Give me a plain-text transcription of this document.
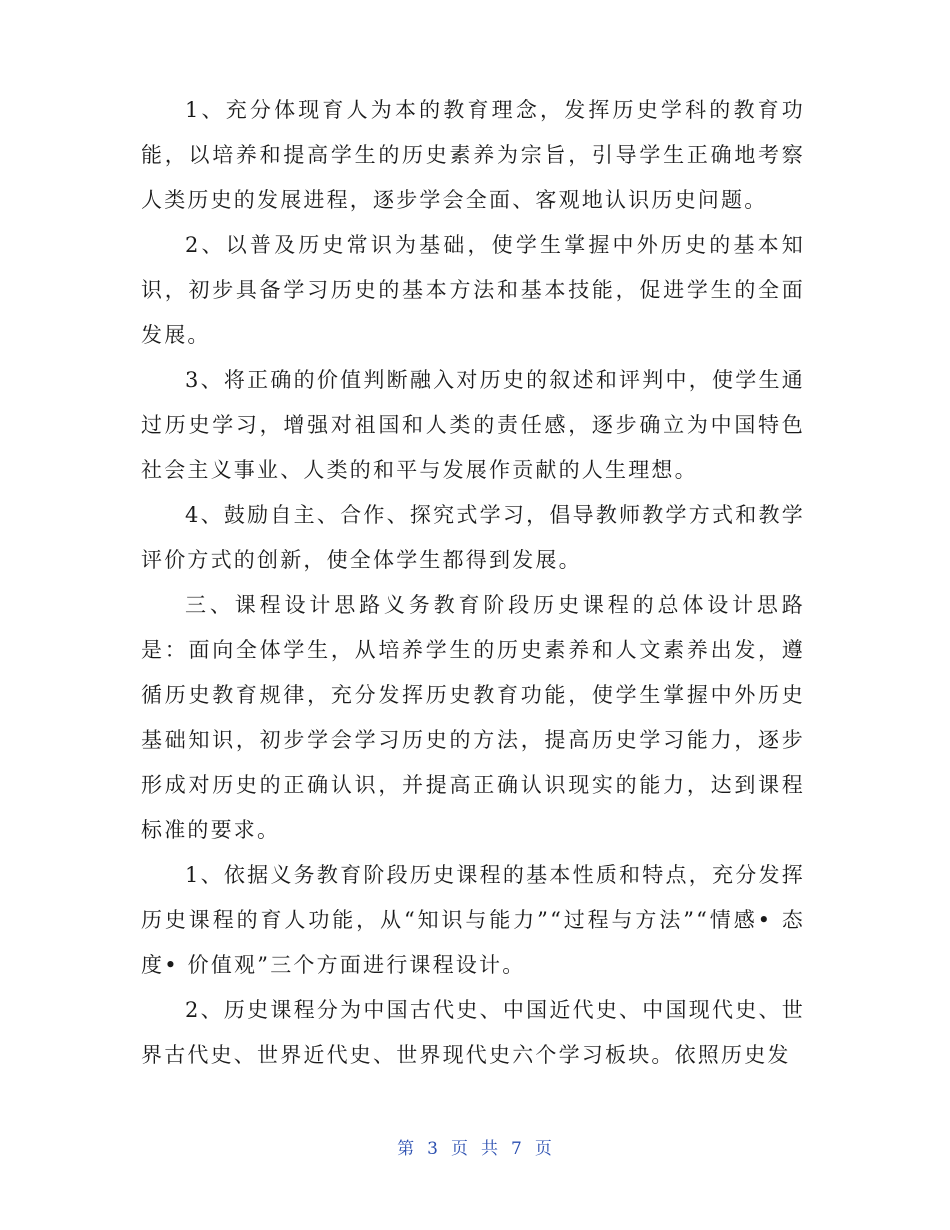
1、充分体现育人为本的教育理念，发挥历史学科的教育功能，以培养和提高学生的历史素养为宗旨，引导学生正确地考察人类历史的发展进程，逐步学会全面、客观地认识历史问题。

2、以普及历史常识为基础，使学生掌握中外历史的基本知识，初步具备学习历史的基本方法和基本技能，促进学生的全面发展。

3、将正确的价值判断融入对历史的叙述和评判中，使学生通过历史学习，增强对祖国和人类的责任感，逐步确立为中国特色社会主义事业、人类的和平与发展作贡献的人生理想。

4、鼓励自主、合作、探究式学习，倡导教师教学方式和教学评价方式的创新，使全体学生都得到发展。

三、课程设计思路义务教育阶段历史课程的总体设计思路是：面向全体学生，从培养学生的历史素养和人文素养出发，遵循历史教育规律，充分发挥历史教育功能，使学生掌握中外历史基础知识，初步学会学习历史的方法，提高历史学习能力，逐步形成对历史的正确认识，并提高正确认识现实的能力，达到课程标准的要求。

1、依据义务教育阶段历史课程的基本性质和特点，充分发挥历史课程的育人功能，从“知识与能力”“过程与方法”“情感• 态度• 价值观”三个方面进行课程设计。

2、历史课程分为中国古代史、中国近代史、中国现代史、世界古代史、世界近代史、世界现代史六个学习板块。依照历史发

第 3 页 共 7 页
